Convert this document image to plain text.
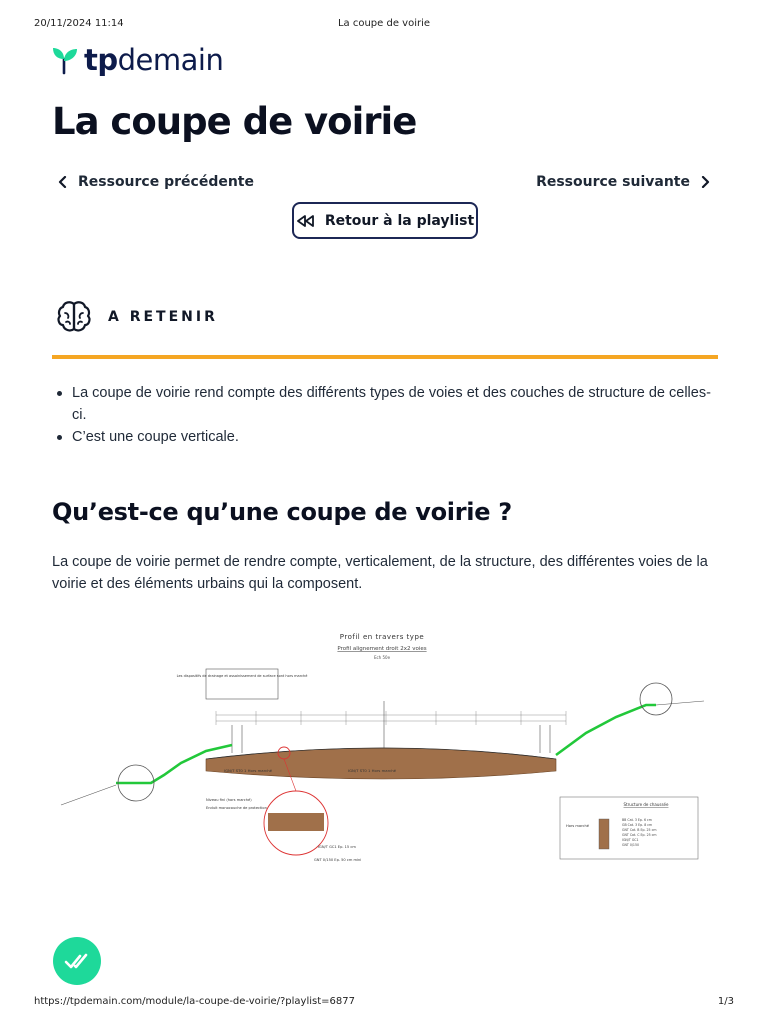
20/11/2024 11:14	La coupe de voirie
tpdemain
La coupe de voirie
Ressource précédente	Ressource suivante
Retour à la playlist
A RETENIR
La coupe de voirie rend compte des différents types de voies et des couches de structure de celles-ci.
C’est une coupe verticale.
Qu’est-ce qu’une coupe de voirie ?

La coupe de voirie permet de rendre compte, verticalement, de la structure, des différentes voies de la voirie et des éléments urbains qui la composent.

Profil en travers type
Profil alignement droit 2x2 voies
Ech 50e
Les dispositifs de drainage et assainissement de surface sont hors marché
IGN/T ST0 1 Hors marché	IGN/T ST0 1 Hors marché
Niveau fini (hors marché)
Enduit monocouche de protection
IGN/T GC1 Ep. 15 cm
GNT 0/150 Ep. 50 cm mini
Structure de chaussée
Hors marché
BB Cat. 3 Ep. 6 cm
GB Cat. 3 Ep. 8 cm
GNT Cat. B Ep. 25 cm
GNT Cat. C Ep. 25 cm
IGN/T GC1
GNT 0/150
https://tpdemain.com/module/la-coupe-de-voirie/?playlist=6877	1/3
